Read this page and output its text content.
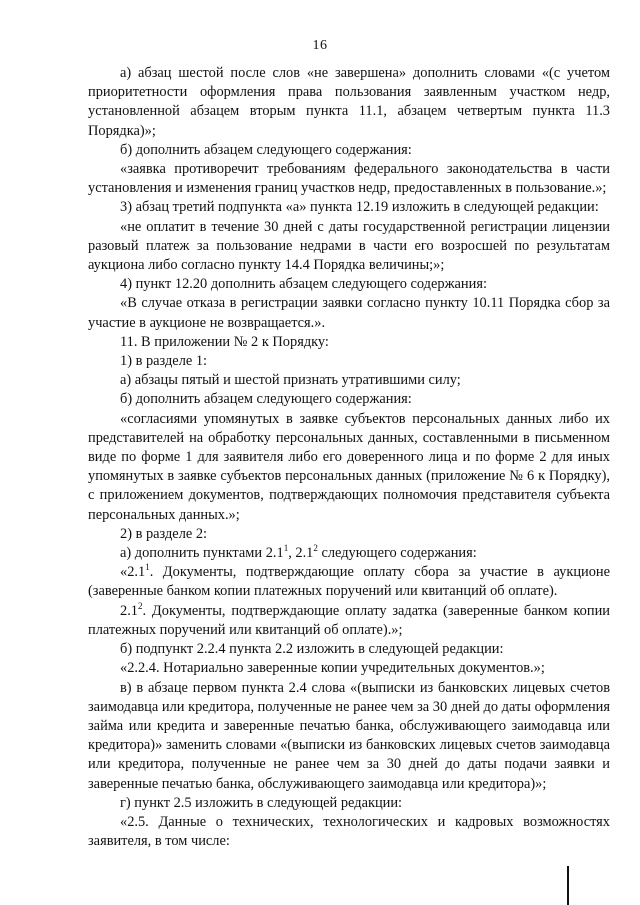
16

а) абзац шестой после слов «не завершена» дополнить словами «(с учетом приоритетности оформления права пользования заявленным участком недр, установленной абзацем вторым пункта 11.1, абзацем четвертым пункта 11.3 Порядка)»;

б) дополнить абзацем следующего содержания:

«заявка противоречит требованиям федерального законодательства в части установления и изменения границ участков недр, предоставленных в пользование.»;

3) абзац третий подпункта «а» пункта 12.19 изложить в следующей редакции:

«не оплатит в течение 30 дней с даты государственной регистрации лицензии разовый платеж за пользование недрами в части его возросшей по результатам аукциона либо согласно пункту 14.4 Порядка величины;»;

4) пункт 12.20 дополнить абзацем следующего содержания:

«В случае отказа в регистрации заявки согласно пункту 10.11 Порядка сбор за участие в аукционе не возвращается.».

11. В приложении № 2 к Порядку:

1) в разделе 1:

а) абзацы пятый и шестой признать утратившими силу;

б) дополнить абзацем следующего содержания:

«согласиями упомянутых в заявке субъектов персональных данных либо их представителей на обработку персональных данных, составленными в письменном виде по форме 1 для заявителя либо его доверенного лица и по форме 2 для иных упомянутых в заявке субъектов персональных данных (приложение № 6 к Порядку), с приложением документов, подтверждающих полномочия представителя субъекта персональных данных.»;

2) в разделе 2:

а) дополнить пунктами $2.1^1$, $2.1^2$ следующего содержания:

«$2.1^1$. Документы, подтверждающие оплату сбора за участие в аукционе (заверенные банком копии платежных поручений или квитанций об оплате).

$2.1^2$. Документы, подтверждающие оплату задатка (заверенные банком копии платежных поручений или квитанций об оплате).»;

б) подпункт 2.2.4 пункта 2.2 изложить в следующей редакции:

«2.2.4. Нотариально заверенные копии учредительных документов.»;

в) в абзаце первом пункта 2.4 слова «(выписки из банковских лицевых счетов заимодавца или кредитора, полученные не ранее чем за 30 дней до даты оформления займа или кредита и заверенные печатью банка, обслуживающего заимодавца или кредитора)» заменить словами «(выписки из банковских лицевых счетов заимодавца или кредитора, полученные не ранее чем за 30 дней до даты подачи заявки и заверенные печатью банка, обслуживающего заимодавца или кредитора)»;

г) пункт 2.5 изложить в следующей редакции:

«2.5. Данные о технических, технологических и кадровых возможностях заявителя, в том числе:
